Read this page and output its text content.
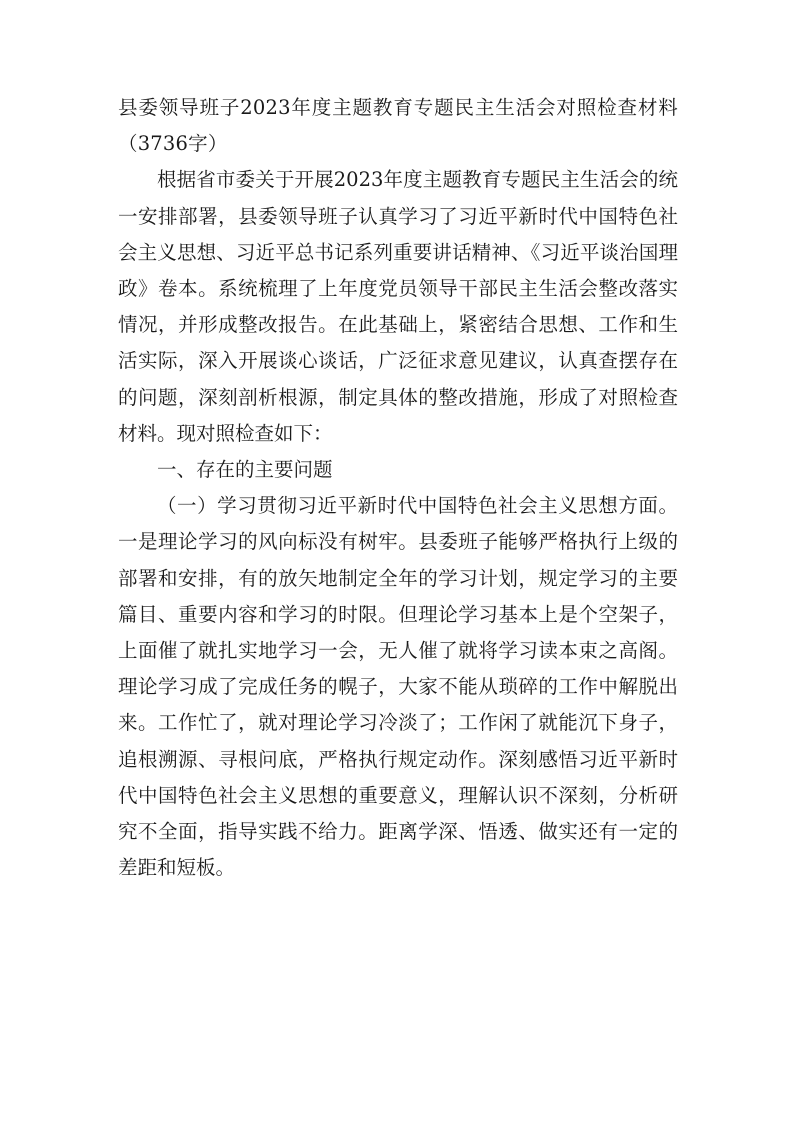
县委领导班子2023年度主题教育专题民主生活会对照检查材料（3736字）

根据省市委关于开展2023年度主题教育专题民主生活会的统一安排部署，县委领导班子认真学习了习近平新时代中国特色社会主义思想、习近平总书记系列重要讲话精神、《习近平谈治国理政》卷本。系统梳理了上年度党员领导干部民主生活会整改落实情况，并形成整改报告。在此基础上，紧密结合思想、工作和生活实际，深入开展谈心谈话，广泛征求意见建议，认真查摆存在的问题，深刻剖析根源，制定具体的整改措施，形成了对照检查材料。现对照检查如下：

一、存在的主要问题

（一）学习贯彻习近平新时代中国特色社会主义思想方面。一是理论学习的风向标没有树牢。县委班子能够严格执行上级的部署和安排，有的放矢地制定全年的学习计划，规定学习的主要篇目、重要内容和学习的时限。但理论学习基本上是个空架子，上面催了就扎实地学习一会，无人催了就将学习读本束之高阁。理论学习成了完成任务的幌子，大家不能从琐碎的工作中解脱出来。工作忙了，就对理论学习冷淡了；工作闲了就能沉下身子，追根溯源、寻根问底，严格执行规定动作。深刻感悟习近平新时代中国特色社会主义思想的重要意义，理解认识不深刻，分析研究不全面，指导实践不给力。距离学深、悟透、做实还有一定的差距和短板。
